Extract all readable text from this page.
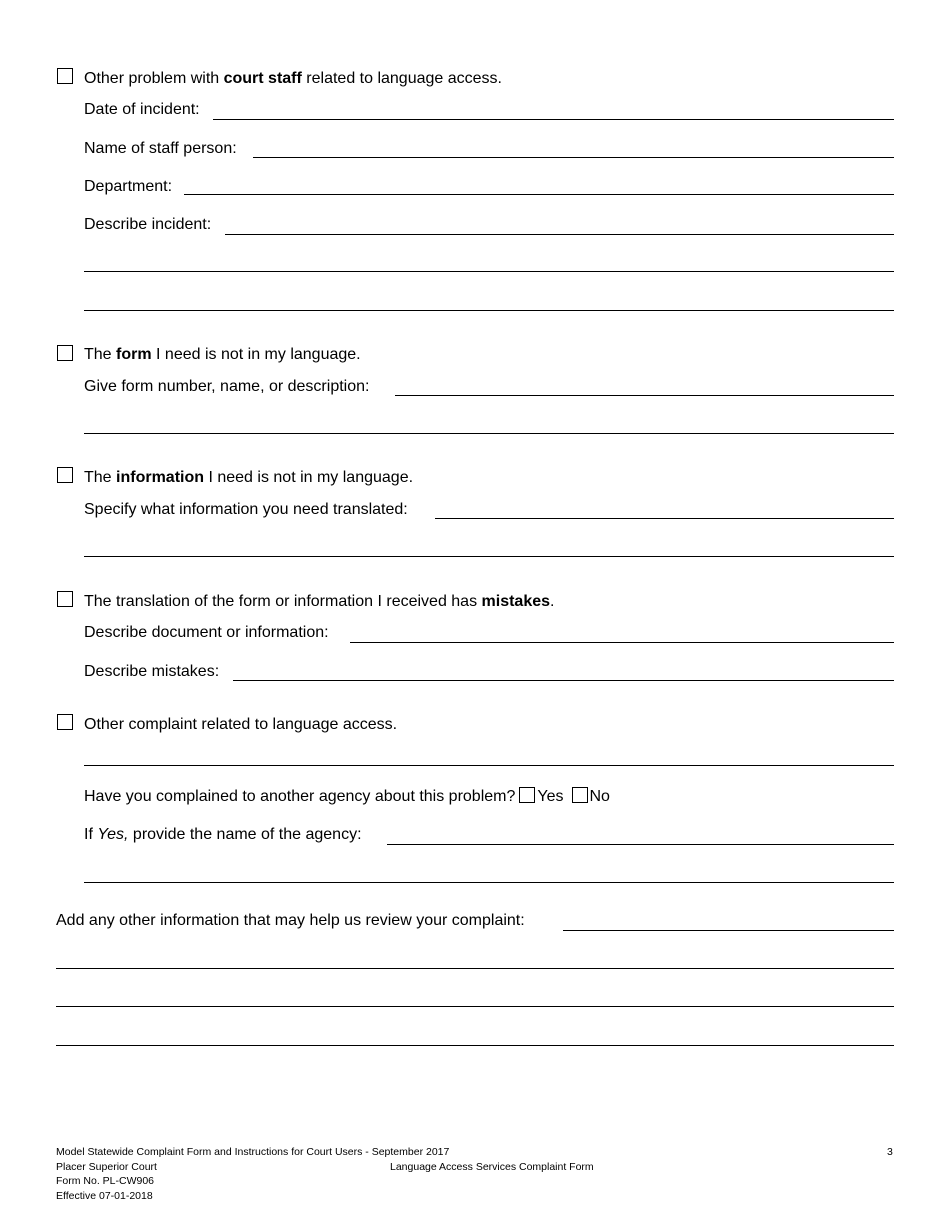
Other problem with court staff related to language access.
Date of incident:
Name of staff person:
Department:
Describe incident:
The form I need is not in my language.
Give form number, name, or description:
The information I need is not in my language.
Specify what information you need translated:
The translation of the form or information I received has mistakes.
Describe document or information:
Describe mistakes:
Other complaint related to language access.
Have you complained to another agency about this problem? Yes No
If Yes, provide the name of the agency:
Add any other information that may help us review your complaint:
Model Statewide Complaint Form and Instructions for Court Users - September 2017
Placer Superior Court
Form No. PL-CW906
Effective 07-01-2018
Language Access Services Complaint Form
3
